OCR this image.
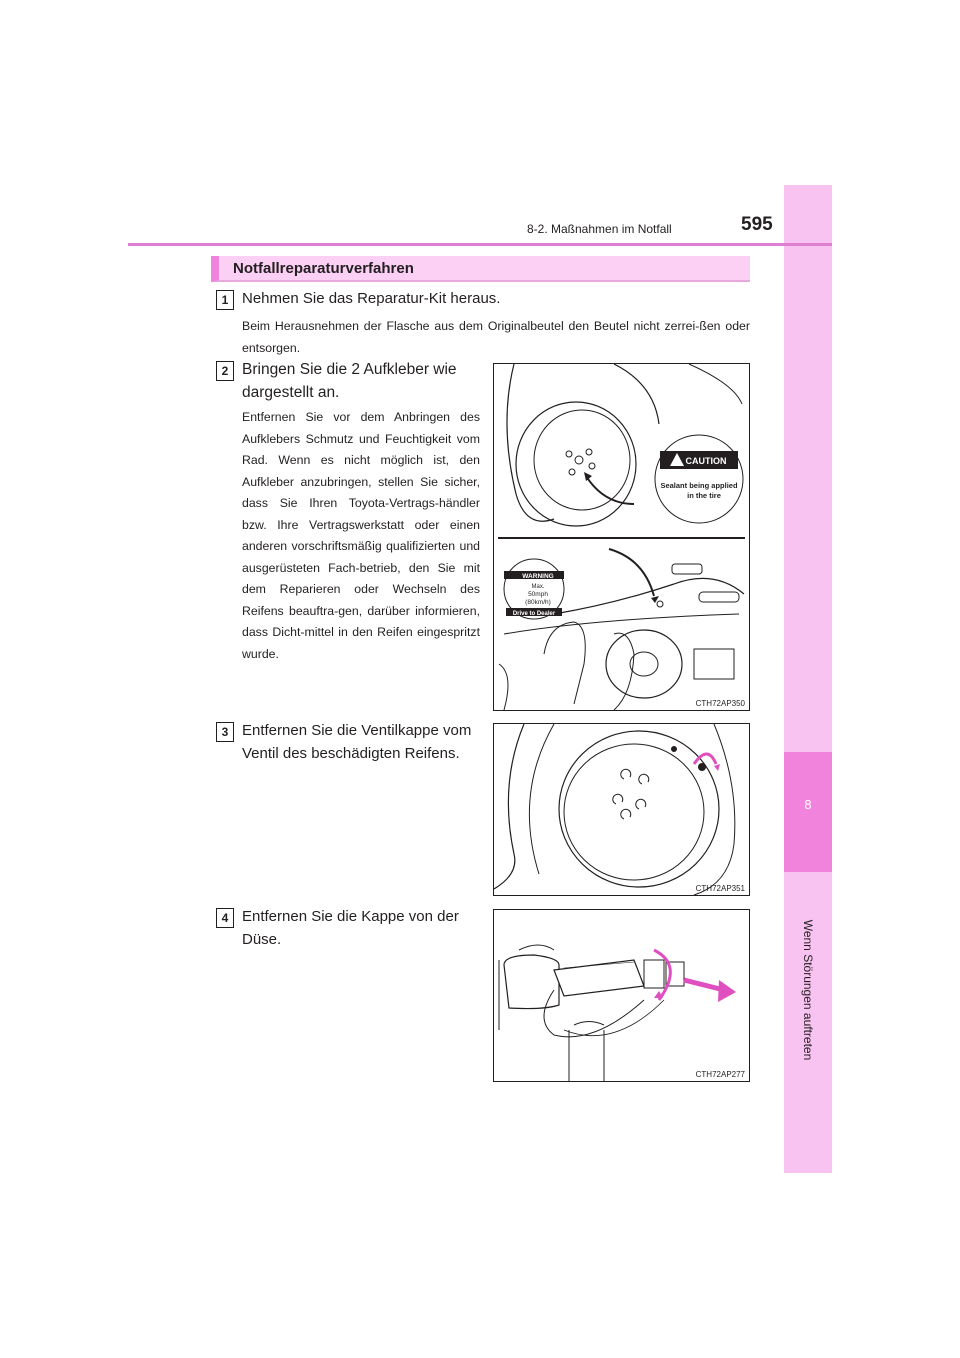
8
Wenn Störungen auftreten
8-2. Maßnahmen im Notfall	595
Notfallreparaturverfahren
1 Nehmen Sie das Reparatur-Kit heraus.
Beim Herausnehmen der Flasche aus dem Originalbeutel den Beutel nicht zerrei-ßen oder entsorgen.
2 Bringen Sie die 2 Aufkleber wie dargestellt an.
Entfernen Sie vor dem Anbringen des Aufklebers Schmutz und Feuchtigkeit vom Rad. Wenn es nicht möglich ist, den Aufkleber anzubringen, stellen Sie sicher, dass Sie Ihren Toyota-Vertrags-händler bzw. Ihre Vertragswerkstatt oder einen anderen vorschriftsmäßig qualifizierten und ausgerüsteten Fach-betrieb, den Sie mit dem Reparieren oder Wechseln des Reifens beauftra-gen, darüber informieren, dass Dicht-mittel in den Reifen eingespritzt wurde.
CAUTION
Sealant being applied
in the tire
WARNING
Max.
50mph
(80km/h)
Drive to Dealer
CTH72AP350
3 Entfernen Sie die Ventilkappe vom Ventil des beschädigten Reifens.
CTH72AP351
4 Entfernen Sie die Kappe von der Düse.
CTH72AP277
